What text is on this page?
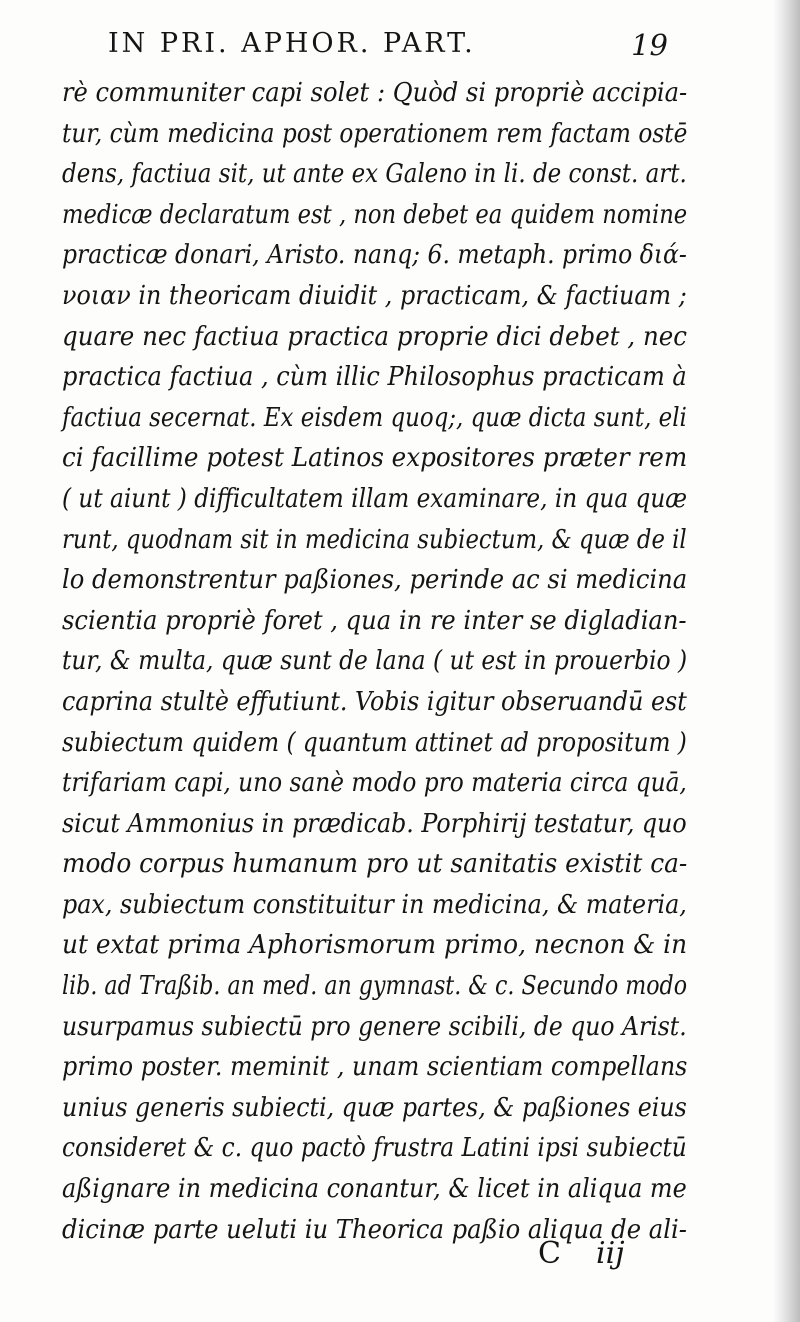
IN PRI. APHOR. PART.	19
rè communiter capi solet : Quòd si propriè accipia-
tur, cùm medicina post operationem rem factam ostē
dens, factiua sit, ut ante ex Galeno in li. de const. art.
medicæ declaratum est , non debet ea quidem nomine
practicæ donari, Aristo. nanq; 6. metaph. primo διά-
νοιαν in theoricam diuidit , practicam, & factiuam ;
quare nec factiua practica proprie dici debet , nec
practica factiua , cùm illic Philosophus practicam à
factiua secernat. Ex eisdem quoq;, quæ dicta sunt, eli
ci facillime potest Latinos expositores præter rem
( ut aiunt ) difficultatem illam examinare, in qua quæ
runt, quodnam sit in medicina subiectum, & quæ de il
lo demonstrentur paßiones, perinde ac si medicina
scientia propriè foret , qua in re inter se digladian-
tur, & multa, quæ sunt de lana ( ut est in prouerbio )
caprina stultè effutiunt. Vobis igitur obseruandū est
subiectum quidem ( quantum attinet ad propositum )
trifariam capi, uno sanè modo pro materia circa quā,
sicut Ammonius in prædicab. Porphirij testatur, quo
modo corpus humanum pro ut sanitatis existit ca-
pax, subiectum constituitur in medicina, & materia,
ut extat prima Aphorismorum primo, necnon & in
lib. ad Traßib. an med. an gymnast. & c. Secundo modo
usurpamus subiectū pro genere scibili, de quo Arist.
primo poster. meminit , unam scientiam compellans
unius generis subiecti, quæ partes, & paßiones eius
consideret & c. quo pactò frustra Latini ipsi subiectū
aßignare in medicina conantur, & licet in aliqua me
dicinæ parte ueluti iu Theorica paßio aliqua de ali-
C iij
